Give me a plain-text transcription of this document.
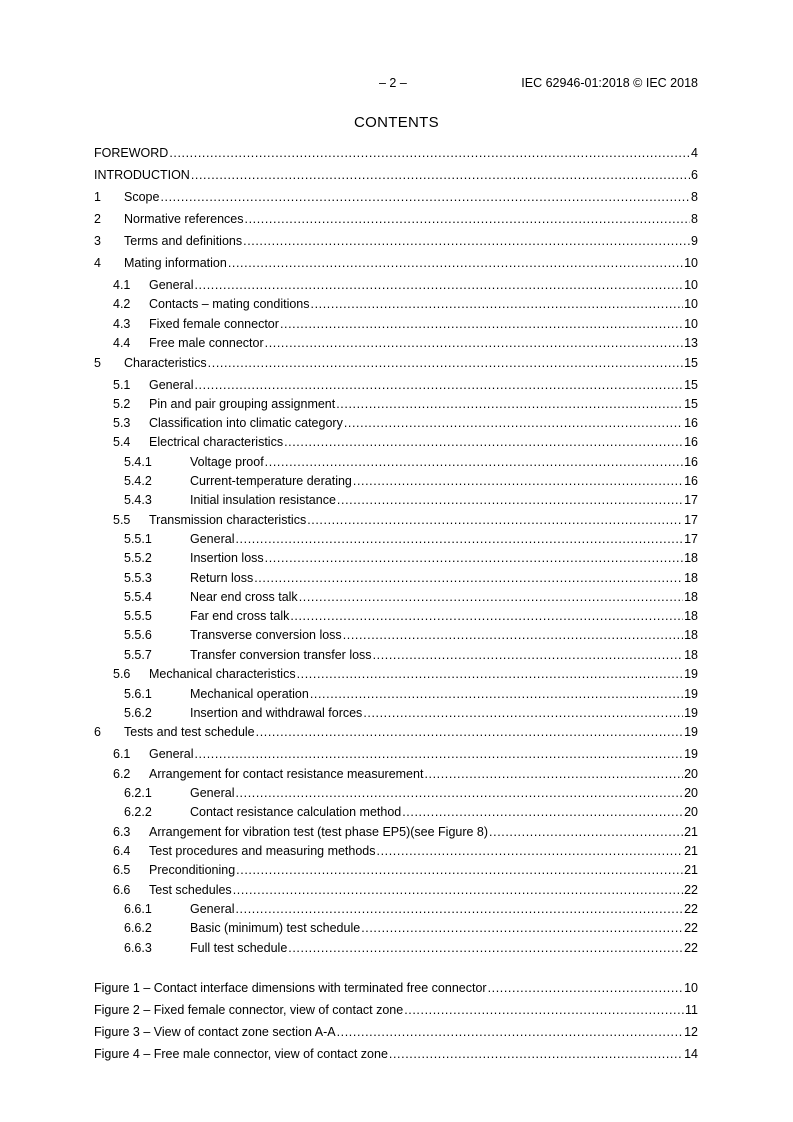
– 2 –	IEC 62946-01:2018 © IEC 2018
CONTENTS
FOREWORD .....	4
INTRODUCTION .....	6
1	Scope .....	8
2	Normative references .....	8
3	Terms and definitions .....	9
4	Mating information .....	10
4.1	General .....	10
4.2	Contacts – mating conditions .....	10
4.3	Fixed female connector .....	10
4.4	Free male connector .....	13
5	Characteristics .....	15
5.1	General .....	15
5.2	Pin and pair grouping assignment .....	15
5.3	Classification into climatic category .....	16
5.4	Electrical characteristics .....	16
5.4.1	Voltage proof .....	16
5.4.2	Current-temperature derating .....	16
5.4.3	Initial insulation resistance .....	17
5.5	Transmission characteristics .....	17
5.5.1	General .....	17
5.5.2	Insertion loss .....	18
5.5.3	Return loss .....	18
5.5.4	Near end cross talk .....	18
5.5.5	Far end cross talk .....	18
5.5.6	Transverse conversion loss .....	18
5.5.7	Transfer conversion transfer loss .....	18
5.6	Mechanical characteristics .....	19
5.6.1	Mechanical operation .....	19
5.6.2	Insertion and withdrawal forces .....	19
6	Tests and test schedule .....	19
6.1	General .....	19
6.2	Arrangement for contact resistance measurement .....	20
6.2.1	General .....	20
6.2.2	Contact resistance calculation method .....	20
6.3	Arrangement for vibration test (test phase EP5)(see Figure 8) .....	21
6.4	Test procedures and measuring methods .....	21
6.5	Preconditioning .....	21
6.6	Test schedules .....	22
6.6.1	General .....	22
6.6.2	Basic (minimum) test schedule .....	22
6.6.3	Full test schedule .....	22
Figure 1 – Contact interface dimensions with terminated free connector .....	10
Figure 2 – Fixed female connector, view of contact zone .....	11
Figure 3 – View of contact zone section A-A .....	12
Figure 4 – Free male connector, view of contact zone .....	14
